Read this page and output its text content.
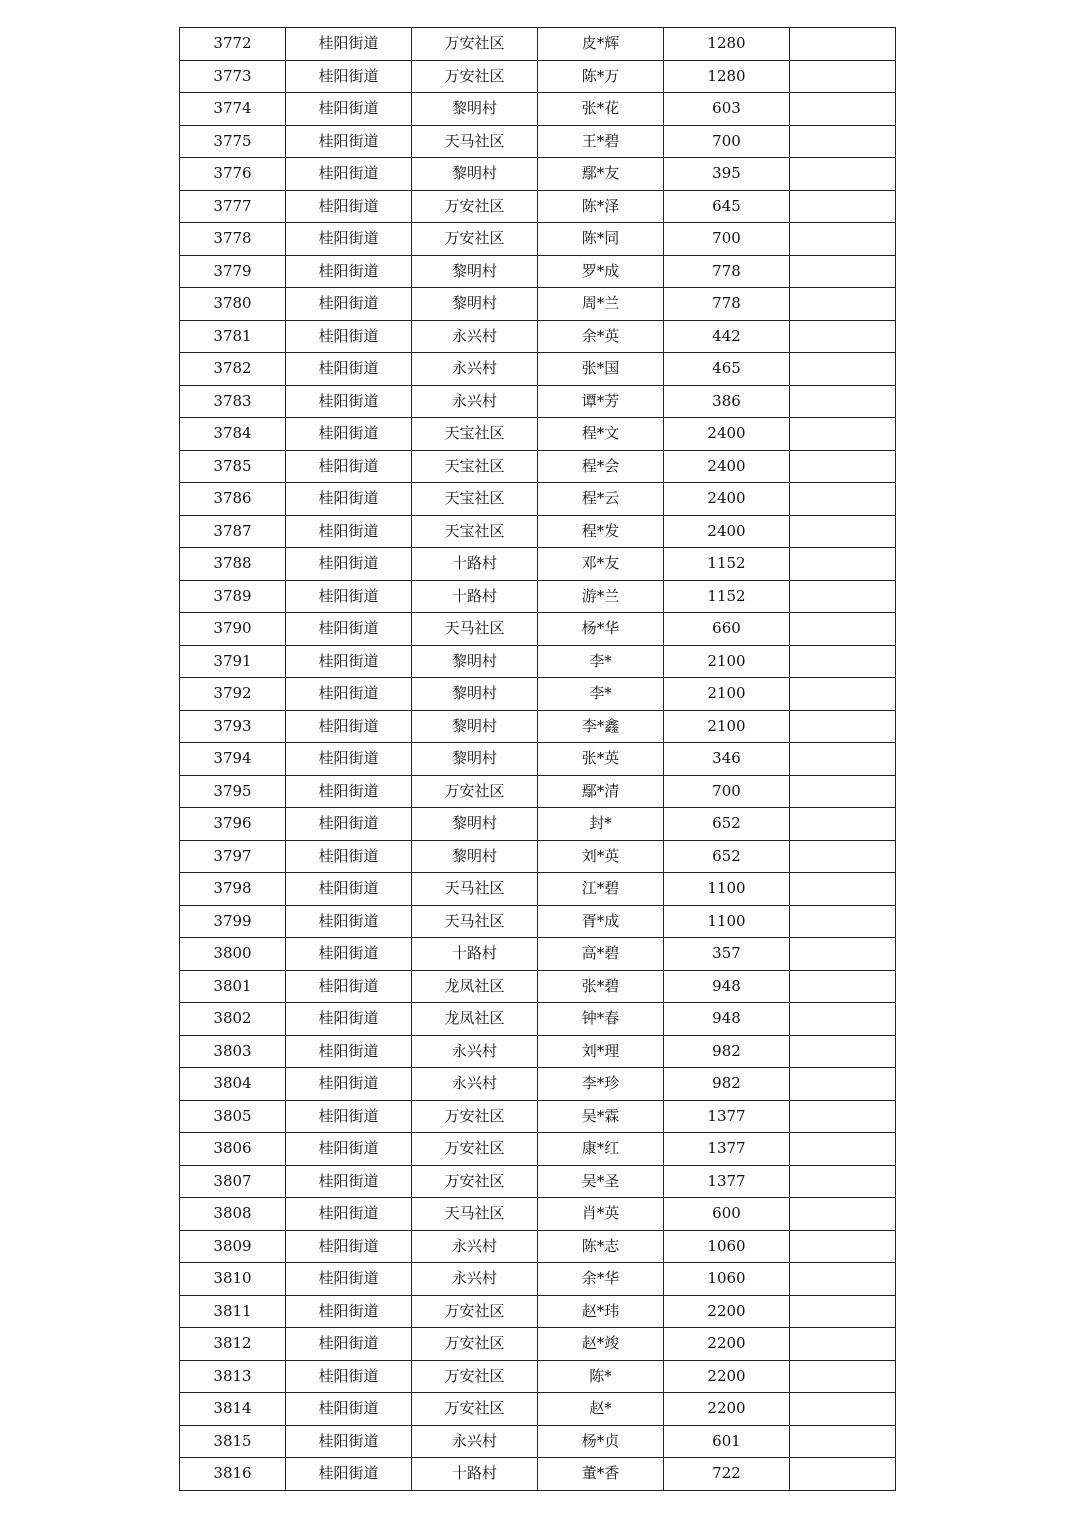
3772	桂阳街道	万安社区	皮*辉	1280	
3773	桂阳街道	万安社区	陈*万	1280	
3774	桂阳街道	黎明村	张*花	603	
3775	桂阳街道	天马社区	王*碧	700	
3776	桂阳街道	黎明村	鄢*友	395	
3777	桂阳街道	万安社区	陈*泽	645	
3778	桂阳街道	万安社区	陈*同	700	
3779	桂阳街道	黎明村	罗*成	778	
3780	桂阳街道	黎明村	周*兰	778	
3781	桂阳街道	永兴村	余*英	442	
3782	桂阳街道	永兴村	张*国	465	
3783	桂阳街道	永兴村	谭*芳	386	
3784	桂阳街道	天宝社区	程*文	2400	
3785	桂阳街道	天宝社区	程*会	2400	
3786	桂阳街道	天宝社区	程*云	2400	
3787	桂阳街道	天宝社区	程*发	2400	
3788	桂阳街道	十路村	邓*友	1152	
3789	桂阳街道	十路村	游*兰	1152	
3790	桂阳街道	天马社区	杨*华	660	
3791	桂阳街道	黎明村	李*	2100	
3792	桂阳街道	黎明村	李*	2100	
3793	桂阳街道	黎明村	李*鑫	2100	
3794	桂阳街道	黎明村	张*英	346	
3795	桂阳街道	万安社区	鄢*清	700	
3796	桂阳街道	黎明村	封*	652	
3797	桂阳街道	黎明村	刘*英	652	
3798	桂阳街道	天马社区	江*碧	1100	
3799	桂阳街道	天马社区	胥*成	1100	
3800	桂阳街道	十路村	高*碧	357	
3801	桂阳街道	龙凤社区	张*碧	948	
3802	桂阳街道	龙凤社区	钟*春	948	
3803	桂阳街道	永兴村	刘*理	982	
3804	桂阳街道	永兴村	李*珍	982	
3805	桂阳街道	万安社区	吴*霖	1377	
3806	桂阳街道	万安社区	康*红	1377	
3807	桂阳街道	万安社区	吴*圣	1377	
3808	桂阳街道	天马社区	肖*英	600	
3809	桂阳街道	永兴村	陈*志	1060	
3810	桂阳街道	永兴村	余*华	1060	
3811	桂阳街道	万安社区	赵*玮	2200	
3812	桂阳街道	万安社区	赵*竣	2200	
3813	桂阳街道	万安社区	陈*	2200	
3814	桂阳街道	万安社区	赵*	2200	
3815	桂阳街道	永兴村	杨*贞	601	
3816	桂阳街道	十路村	董*香	722	
